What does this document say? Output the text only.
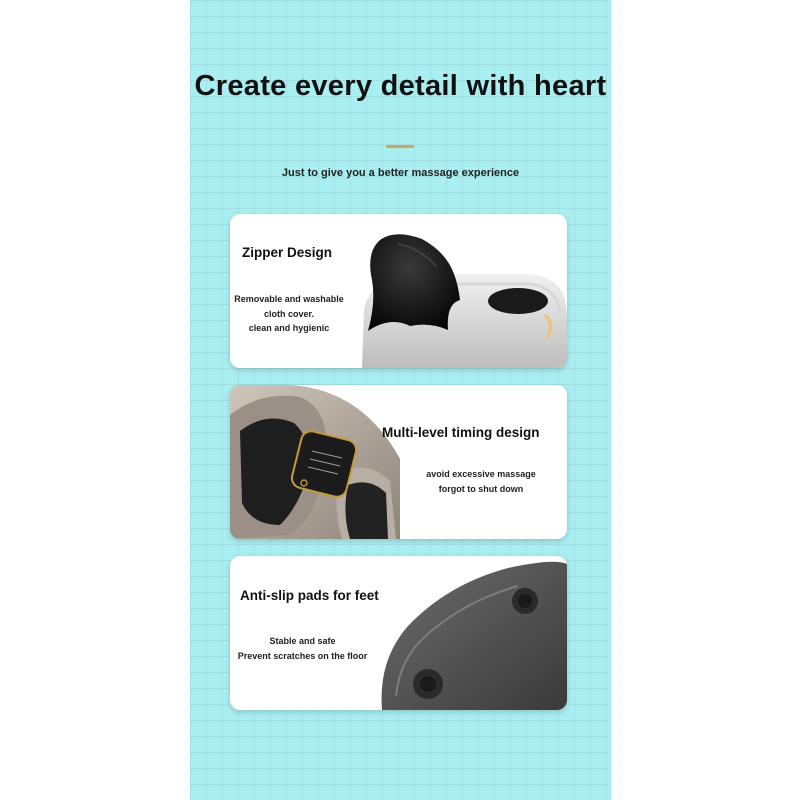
Create every detail with heart
Just to give you a better massage experience
Zipper Design
Removable and washable
cloth cover.
clean and hygienic
Multi-level timing design
avoid excessive massage
forgot to shut down
Anti-slip pads for feet
Stable and safe
Prevent scratches on the floor
